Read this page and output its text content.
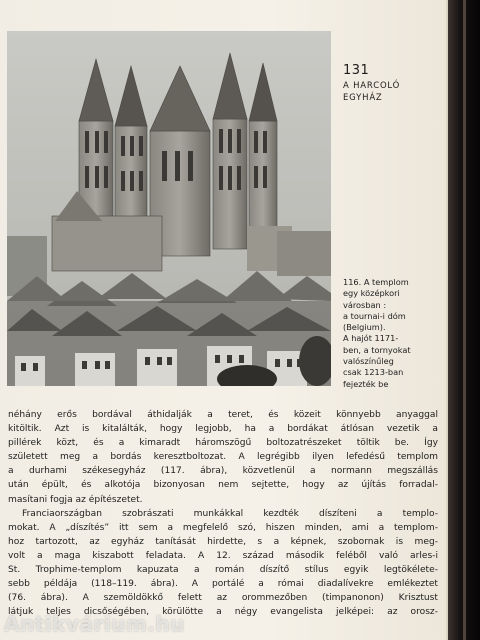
131
A HARCOLÓ
EGYHÁZ
116. A templom
egy középkori
városban :
a tournai-i dóm
(Belgium).
A hajót 1171-
ben, a tornyokat
valószínűleg
csak 1213-ban
fejezték be
néhány erős bordával áthidalják a teret, és közeit könnyebb anyaggal
kitöltik. Azt is kitalálták, hogy legjobb, ha a bordákat átlósan vezetik a
pillérek közt, és a kimaradt háromszögű boltozatrészeket töltik be. Így
született meg a bordás keresztboltozat. A legrégibb ilyen lefedésű templom
a durhami székesegyház (117. ábra), közvetlenül a normann megszállás
után épült, és alkotója bizonyosan nem sejtette, hogy az újítás forradal-
masítani fogja az építészetet.
Franciaországban szobrászati munkákkal kezdték díszíteni a templo-
mokat. A „díszítés” itt sem a megfelelő szó, hiszen minden, ami a templom-
hoz tartozott, az egyház tanítását hirdette, s a képnek, szobornak is meg-
volt a maga kiszabott feladata. A 12. század második feléből való arles-i
St. Trophime-templom kapuzata a román díszítő stílus egyik legtökélete-
sebb példája (118–119. ábra). A portálé a római diadalívekre emlékeztet
(76. ábra). A szemöldökkő felett az orommezőben (timpanonon) Krisztust
látjuk teljes dicsőségében, körülötte a négy evangelista jelképei: az orosz-
Antikvárium.hu
